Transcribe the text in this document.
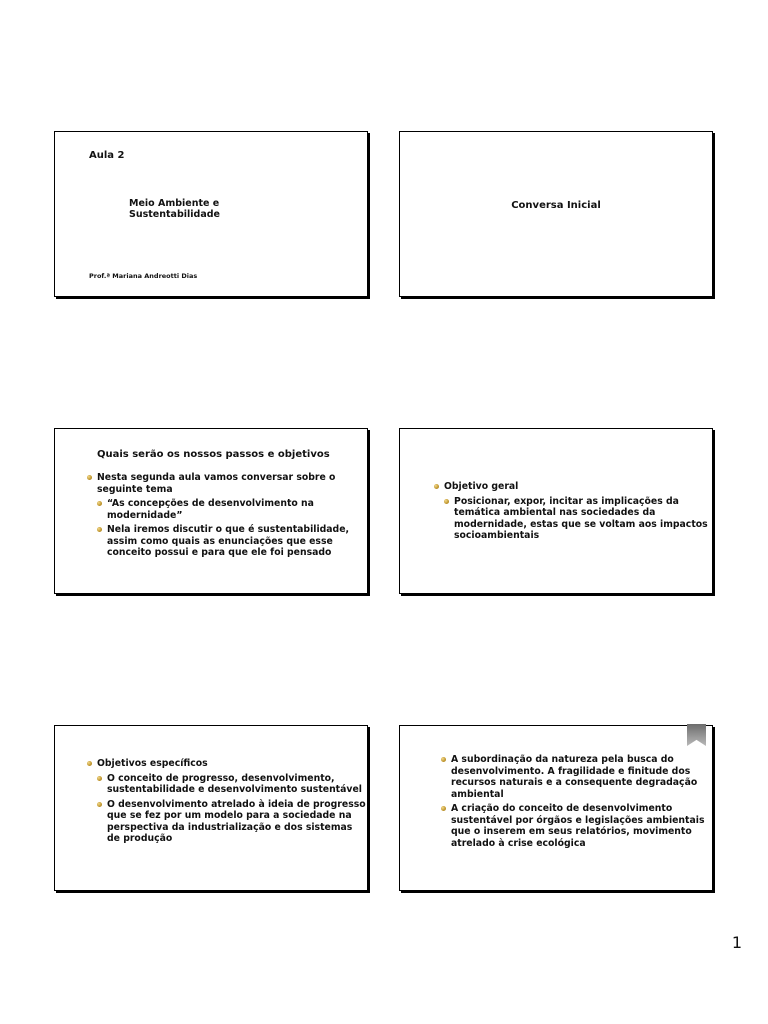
Aula 2
Meio Ambiente e Sustentabilidade
Prof.ª Mariana Andreotti Dias
Conversa Inicial
Quais serão os nossos passos e objetivos
Nesta segunda aula vamos conversar sobre o seguinte tema
“As concepções de desenvolvimento na modernidade”
Nela iremos discutir o que é sustentabilidade, assim como quais as enunciações que esse conceito possui e para que ele foi pensado
Objetivo geral
Posicionar, expor, incitar as implicações da temática ambiental nas sociedades da modernidade, estas que se voltam aos impactos socioambientais
Objetivos específicos
O conceito de progresso, desenvolvimento, sustentabilidade e desenvolvimento sustentável
O desenvolvimento atrelado à ideia de progresso que se fez por um modelo para a sociedade na perspectiva da industrialização e dos sistemas de produção
A subordinação da natureza pela busca do desenvolvimento. A fragilidade e finitude dos recursos naturais e a consequente degradação ambiental
A criação do conceito de desenvolvimento sustentável por órgãos e legislações ambientais que o inserem em seus relatórios, movimento atrelado à crise ecológica
1
